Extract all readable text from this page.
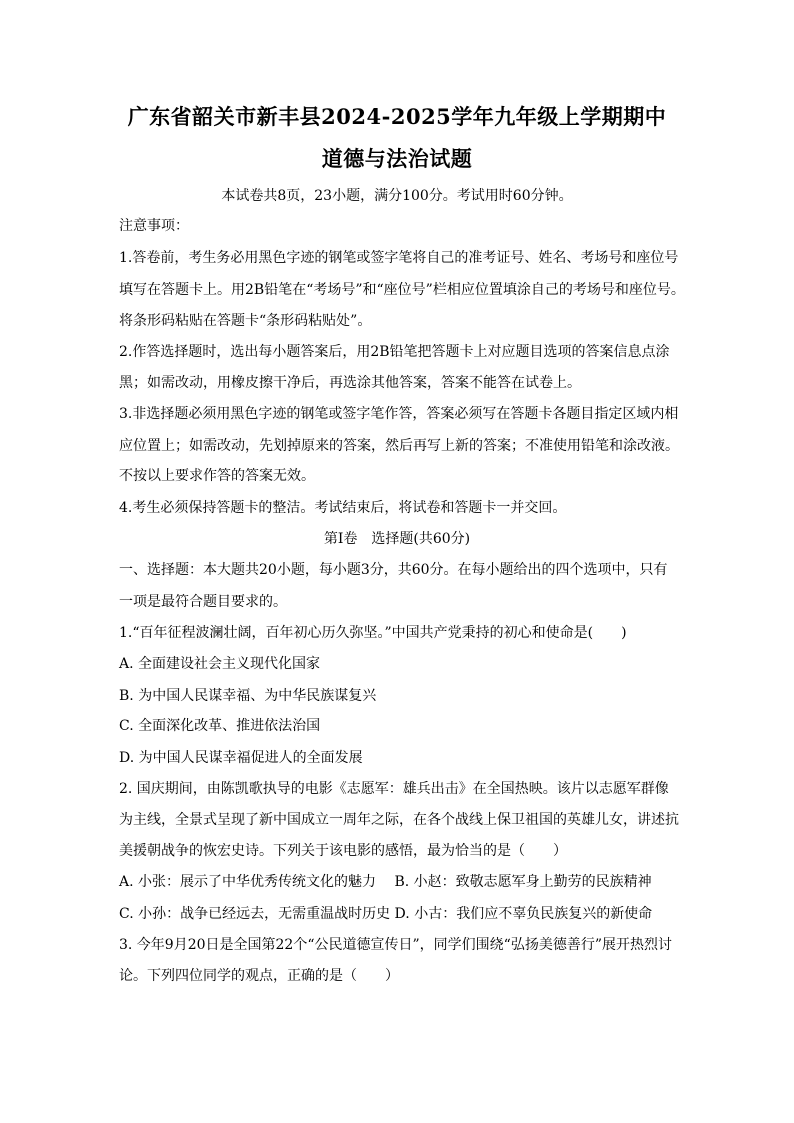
广东省韶关市新丰县2024-2025学年九年级上学期期中
道德与法治试题
本试卷共8页，23小题，满分100分。考试用时60分钟。
注意事项：
1.答卷前，考生务必用黑色字迹的钢笔或签字笔将自己的准考证号、姓名、考场号和座位号
填写在答题卡上。用2B铅笔在“考场号”和“座位号”栏相应位置填涂自己的考场号和座位号。
将条形码粘贴在答题卡“条形码粘贴处”。
2.作答选择题时，选出每小题答案后，用2B铅笔把答题卡上对应题目选项的答案信息点涂
黑；如需改动，用橡皮擦干净后，再选涂其他答案，答案不能答在试卷上。
3.非选择题必须用黑色字迹的钢笔或签字笔作答，答案必须写在答题卡各题目指定区域内相
应位置上；如需改动，先划掉原来的答案，然后再写上新的答案；不准使用铅笔和涂改液。
不按以上要求作答的答案无效。
4.考生必须保持答题卡的整洁。考试结束后，将试卷和答题卡一并交回。
第Ⅰ卷　选择题(共60分)
一、选择题：本大题共20小题，每小题3分，共60分。在每小题给出的四个选项中，只有
一项是最符合题目要求的。
1.“百年征程波澜壮阔，百年初心历久弥坚。”中国共产党秉持的初心和使命是(　　)
A. 全面建设社会主义现代化国家
B. 为中国人民谋幸福、为中华民族谋复兴
C. 全面深化改革、推进依法治国
D. 为中国人民谋幸福促进人的全面发展
2. 国庆期间，由陈凯歌执导的电影《志愿军：雄兵出击》在全国热映。该片以志愿军群像
为主线，全景式呈现了新中国成立一周年之际，在各个战线上保卫祖国的英雄儿女，讲述抗
美援朝战争的恢宏史诗。下列关于该电影的感悟，最为恰当的是（　　）
A. 小张：展示了中华优秀传统文化的魅力　 B. 小赵：致敬志愿军身上勤劳的民族精神
C. 小孙：战争已经远去，无需重温战时历史 D. 小古：我们应不辜负民族复兴的新使命
3. 今年9月20日是全国第22个“公民道德宣传日”，同学们围绕“弘扬美德善行”展开热烈讨
论。下列四位同学的观点，正确的是（　　）
